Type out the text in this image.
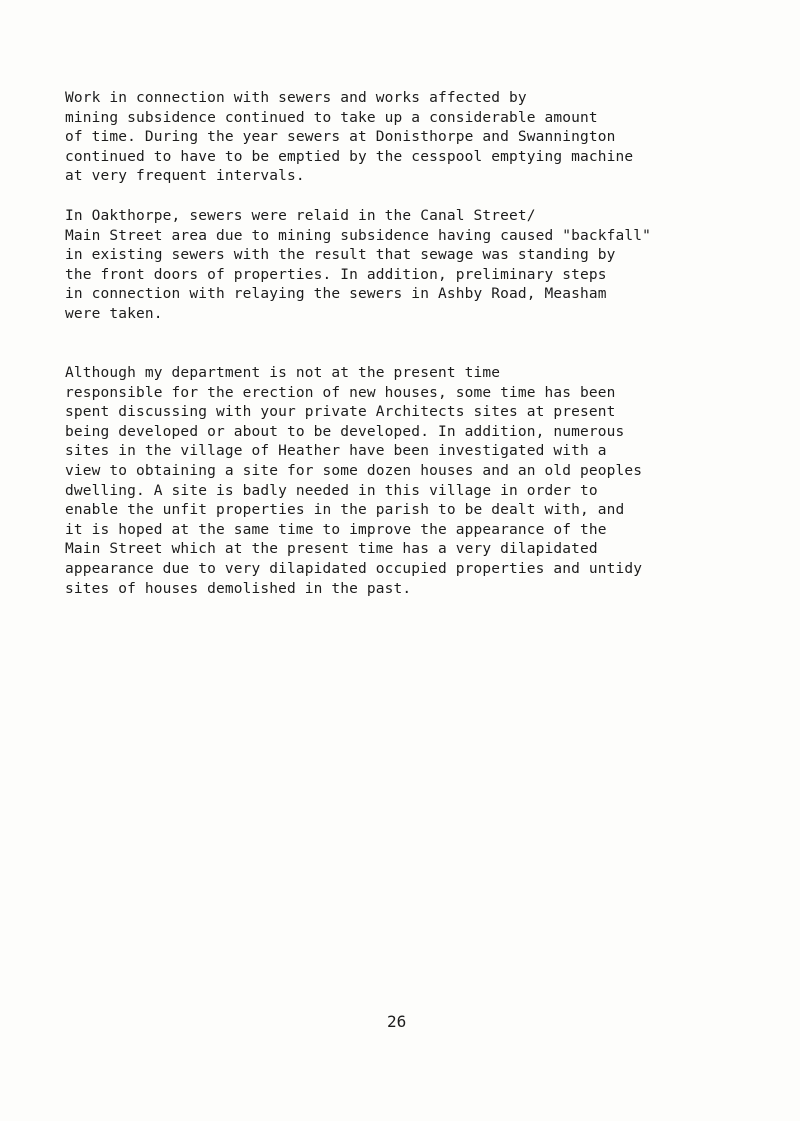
Work in connection with sewers and works affected by
mining subsidence continued to take up a considerable amount
of time. During the year sewers at Donisthorpe and Swannington
continued to have to be emptied by the cesspool emptying machine
at very frequent intervals.
In Oakthorpe, sewers were relaid in the Canal Street/
Main Street area due to mining subsidence having caused "backfall"
in existing sewers with the result that sewage was standing by
the front doors of properties. In addition, preliminary steps
in connection with relaying the sewers in Ashby Road, Measham
were taken.
Although my department is not at the present time
responsible for the erection of new houses, some time has been
spent discussing with your private Architects sites at present
being developed or about to be developed. In addition, numerous
sites in the village of Heather have been investigated with a
view to obtaining a site for some dozen houses and an old peoples
dwelling. A site is badly needed in this village in order to
enable the unfit properties in the parish to be dealt with, and
it is hoped at the same time to improve the appearance of the
Main Street which at the present time has a very dilapidated
appearance due to very dilapidated occupied properties and untidy
sites of houses demolished in the past.
26
